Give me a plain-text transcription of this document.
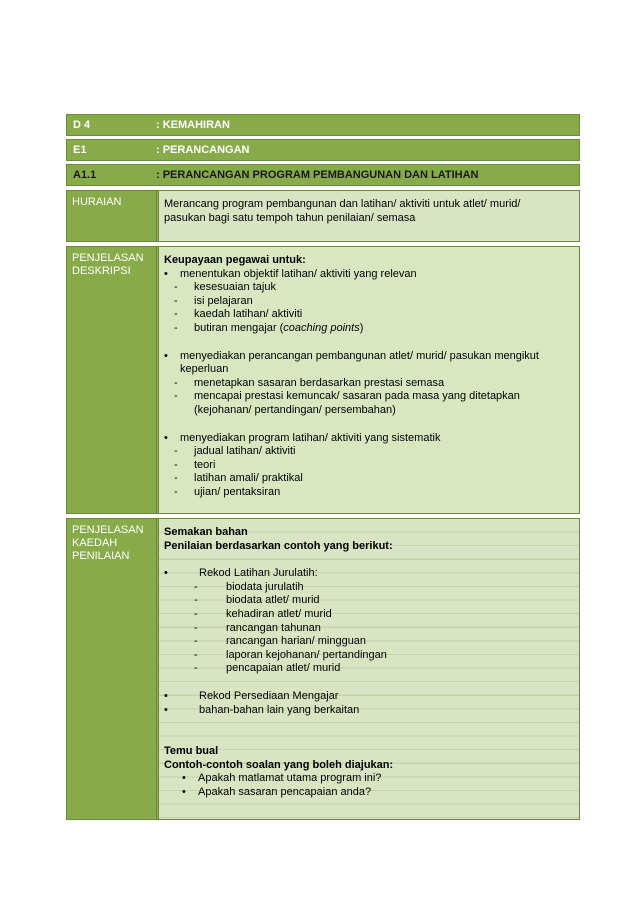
D 4	: KEMAHIRAN
E1	: PERANCANGAN
A1.1	: PERANCANGAN PROGRAM PEMBANGUNAN DAN LATIHAN
HURAIAN	Merancang program pembangunan dan latihan/ aktiviti untuk atlet/ murid/
pasukan bagi satu tempoh tahun penilaian/ semasa
PENJELASAN
DESKRIPSI
Keupayaan pegawai untuk:
•	menentukan objektif latihan/ aktiviti yang relevan
-	kesesuaian tajuk
-	isi pelajaran
-	kaedah latihan/ aktiviti
-	butiran mengajar (coaching points)
•	menyediakan perancangan pembangunan atlet/ murid/ pasukan mengikut
keperluan
-	menetapkan sasaran berdasarkan prestasi semasa
-	mencapai prestasi kemuncak/ sasaran pada masa yang ditetapkan
(kejohanan/ pertandingan/ persembahan)
•	menyediakan program latihan/ aktiviti yang sistematik
-	jadual latihan/ aktiviti
-	teori
-	latihan amali/ praktikal
-	ujian/ pentaksiran
PENJELASAN
KAEDAH
PENILAIAN
Semakan bahan
Penilaian berdasarkan contoh yang berikut:
•	Rekod Latihan Jurulatih:
-	biodata jurulatih
-	biodata atlet/ murid
-	kehadiran atlet/ murid
-	rancangan tahunan
-	rancangan harian/ mingguan
-	laporan kejohanan/ pertandingan
-	pencapaian atlet/ murid
•	Rekod Persediaan Mengajar
•	bahan-bahan lain yang berkaitan
Temu bual
Contoh-contoh soalan yang boleh diajukan:
•	Apakah matlamat utama program ini?
•	Apakah sasaran pencapaian anda?
